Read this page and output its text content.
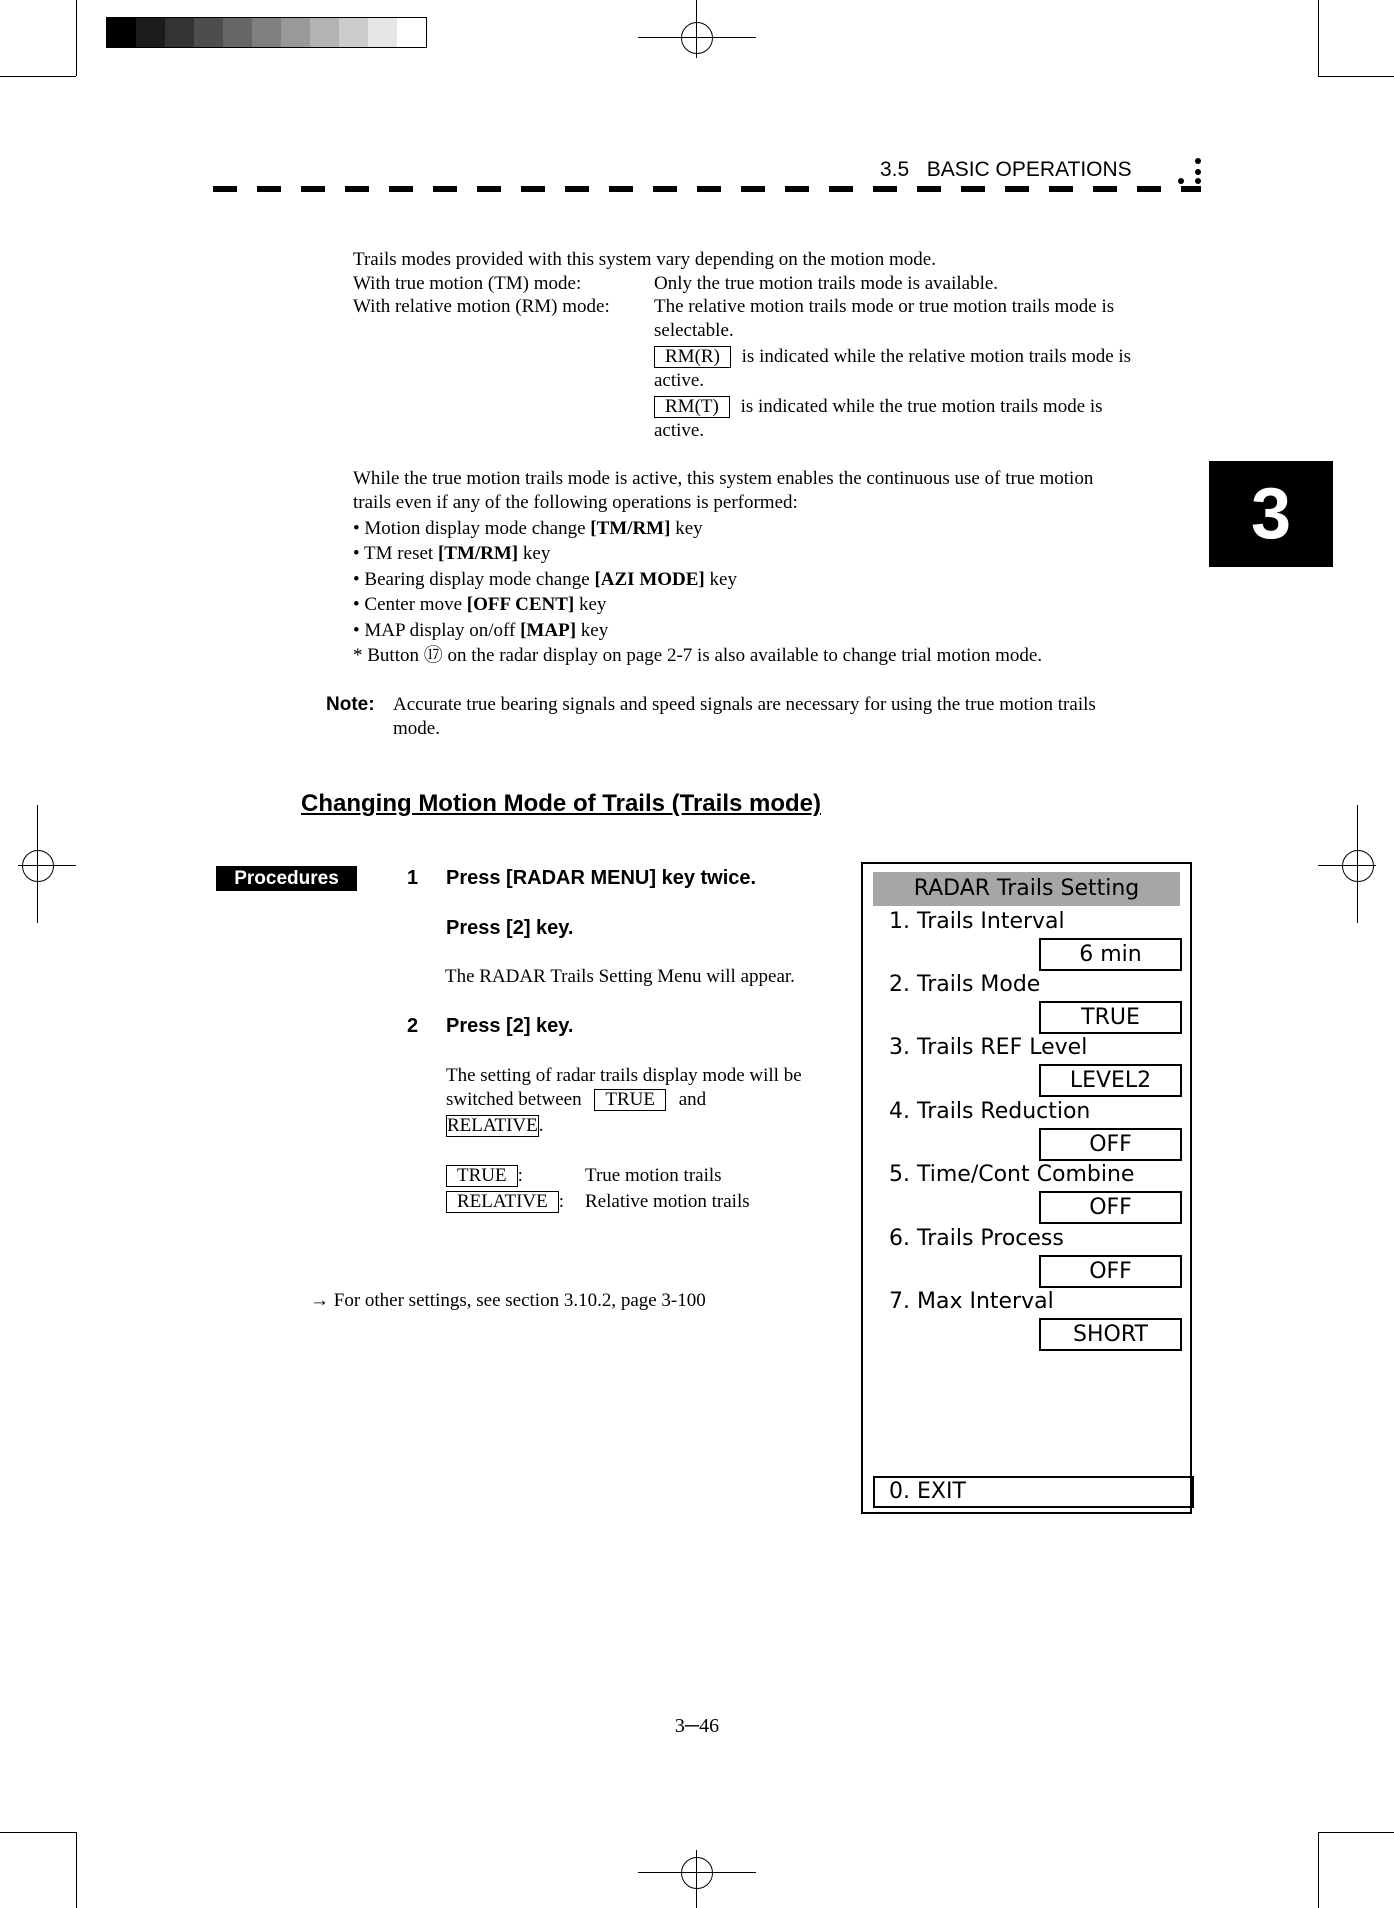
3.5   BASIC OPERATIONS
3
Trails modes provided with this system vary depending on the motion mode.
With true motion (TM) mode:	Only the true motion trails mode is available.
With relative motion (RM) mode: The relative motion trails mode or true motion trails mode is
selectable.
RM(R) is indicated while the relative motion trails mode is
active.
RM(T) is indicated while the true motion trails mode is
active.
While the true motion trails mode is active, this system enables the continuous use of true motion
trails even if any of the following operations is performed:
• Motion display mode change [TM/RM] key
• TM reset [TM/RM] key
• Bearing display mode change [AZI MODE] key
• Center move [OFF CENT] key
• MAP display on/off [MAP] key
* Button ⑰ on the radar display on page 2-7 is also available to change trial motion mode.
Note: Accurate true bearing signals and speed signals are necessary for using the true motion trails
mode.
Changing Motion Mode of Trails (Trails mode)
Procedures	1 Press [RADAR MENU] key twice.
Press [2] key.
The RADAR Trails Setting Menu will appear.
2 Press [2] key.
The setting of radar trails display mode will be
switched between TRUE and
RELATIVE.
TRUE :	True motion trails
RELATIVE : Relative motion trails
→ For other settings, see section 3.10.2, page 3-100
RADAR Trails Setting
1. Trails Interval
6 min
2. Trails Mode
TRUE
3. Trails REF Level
LEVEL2
4. Trails Reduction
OFF
5. Time/Cont Combine
OFF
6. Trails Process
OFF
7. Max Interval
SHORT
0. EXIT
3─46
